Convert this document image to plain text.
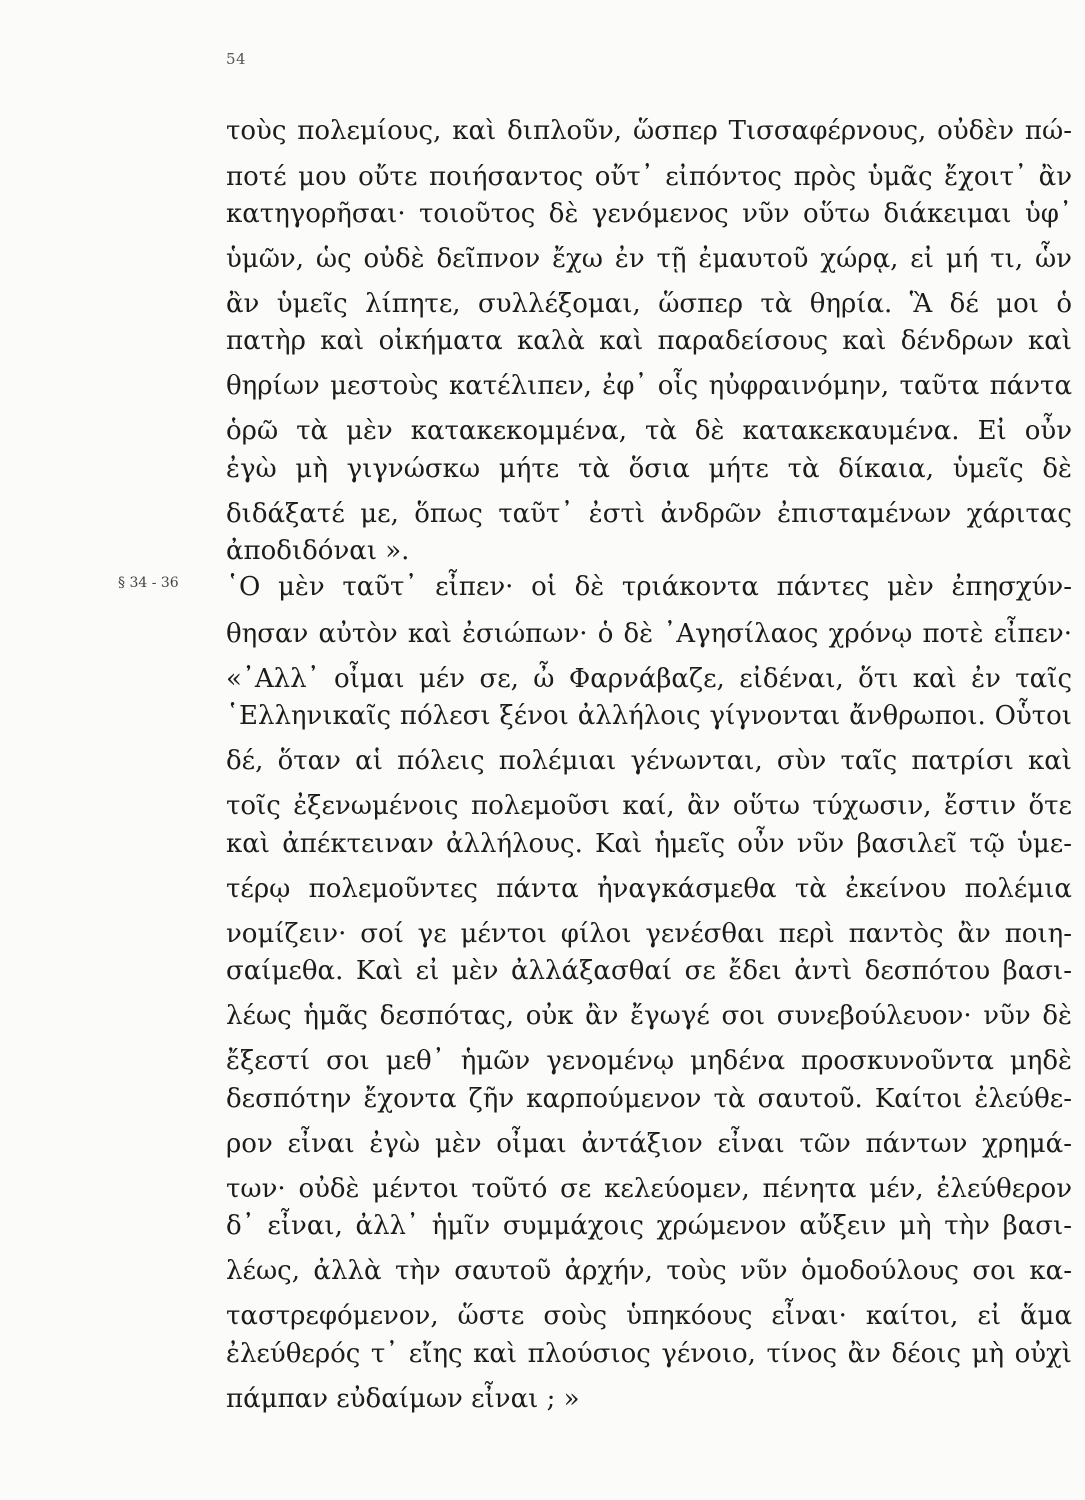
54
§ 34 - 36
τοὺς πολεμίους, καὶ διπλοῦν, ὥσπερ Τισσαφέρνους, οὐδὲν πώ-
ποτέ μου οὔτε ποιήσαντος οὔτ᾽ εἰπόντος πρὸς ὑμᾶς ἔχοιτ᾽ ἂν
κατηγορῆσαι· τοιοῦτος δὲ γενόμενος νῦν οὕτω διάκειμαι ὑφ᾽
ὑμῶν, ὡς οὐδὲ δεῖπνον ἔχω ἐν τῇ ἐμαυτοῦ χώρᾳ, εἰ μή τι, ὧν
ἂν ὑμεῖς λίπητε, συλλέξομαι, ὥσπερ τὰ θηρία. Ἃ δέ μοι ὁ
πατὴρ καὶ οἰκήματα καλὰ καὶ παραδείσους καὶ δένδρων καὶ
θηρίων μεστοὺς κατέλιπεν, ἐφ᾽ οἷς ηὐφραινόμην, ταῦτα πάντα
ὁρῶ τὰ μὲν κατακεκομμένα, τὰ δὲ κατακεκαυμένα. Εἰ οὖν
ἐγὼ μὴ γιγνώσκω μήτε τὰ ὅσια μήτε τὰ δίκαια, ὑμεῖς δὲ
διδάξατέ με, ὅπως ταῦτ᾽ ἐστὶ ἀνδρῶν ἐπισταμένων χάριτας
ἀποδιδόναι ».
῾Ο μὲν ταῦτ᾽ εἶπεν· οἱ δὲ τριάκοντα πάντες μὲν ἐπησχύν-
θησαν αὐτὸν καὶ ἐσιώπων· ὁ δὲ ᾽Αγησίλαος χρόνῳ ποτὲ εἶπεν·
«᾽Αλλ᾽ οἶμαι μέν σε, ὦ Φαρνάβαζε, εἰδέναι, ὅτι καὶ ἐν ταῖς
῾Ελληνικαῖς πόλεσι ξένοι ἀλλήλοις γίγνονται ἄνθρωποι. Οὗτοι
δέ, ὅταν αἱ πόλεις πολέμιαι γένωνται, σὺν ταῖς πατρίσι καὶ
τοῖς ἐξενωμένοις πολεμοῦσι καί, ἂν οὕτω τύχωσιν, ἔστιν ὅτε
καὶ ἀπέκτειναν ἀλλήλους. Καὶ ἡμεῖς οὖν νῦν βασιλεῖ τῷ ὑμε-
τέρῳ πολεμοῦντες πάντα ἠναγκάσμεθα τὰ ἐκείνου πολέμια
νομίζειν· σοί γε μέντοι φίλοι γενέσθαι περὶ παντὸς ἂν ποιη-
σαίμεθα. Καὶ εἰ μὲν ἀλλάξασθαί σε ἔδει ἀντὶ δεσπότου βασι-
λέως ἡμᾶς δεσπότας, οὐκ ἂν ἔγωγέ σοι συνεβούλευον· νῦν δὲ
ἔξεστί σοι μεθ᾽ ἡμῶν γενομένῳ μηδένα προσκυνοῦντα μηδὲ
δεσπότην ἔχοντα ζῆν καρπούμενον τὰ σαυτοῦ. Καίτοι ἐλεύθε-
ρον εἶναι ἐγὼ μὲν οἶμαι ἀντάξιον εἶναι τῶν πάντων χρημά-
των· οὐδὲ μέντοι τοῦτό σε κελεύομεν, πένητα μέν, ἐλεύθερον
δ᾽ εἶναι, ἀλλ᾽ ἡμῖν συμμάχοις χρώμενον αὔξειν μὴ τὴν βασι-
λέως, ἀλλὰ τὴν σαυτοῦ ἀρχήν, τοὺς νῦν ὁμοδούλους σοι κα-
ταστρεφόμενον, ὥστε σοὺς ὑπηκόους εἶναι· καίτοι, εἰ ἅμα
ἐλεύθερός τ᾽ εἴης καὶ πλούσιος γένοιο, τίνος ἂν δέοις μὴ οὐχὶ
πάμπαν εὐδαίμων εἶναι ; »
